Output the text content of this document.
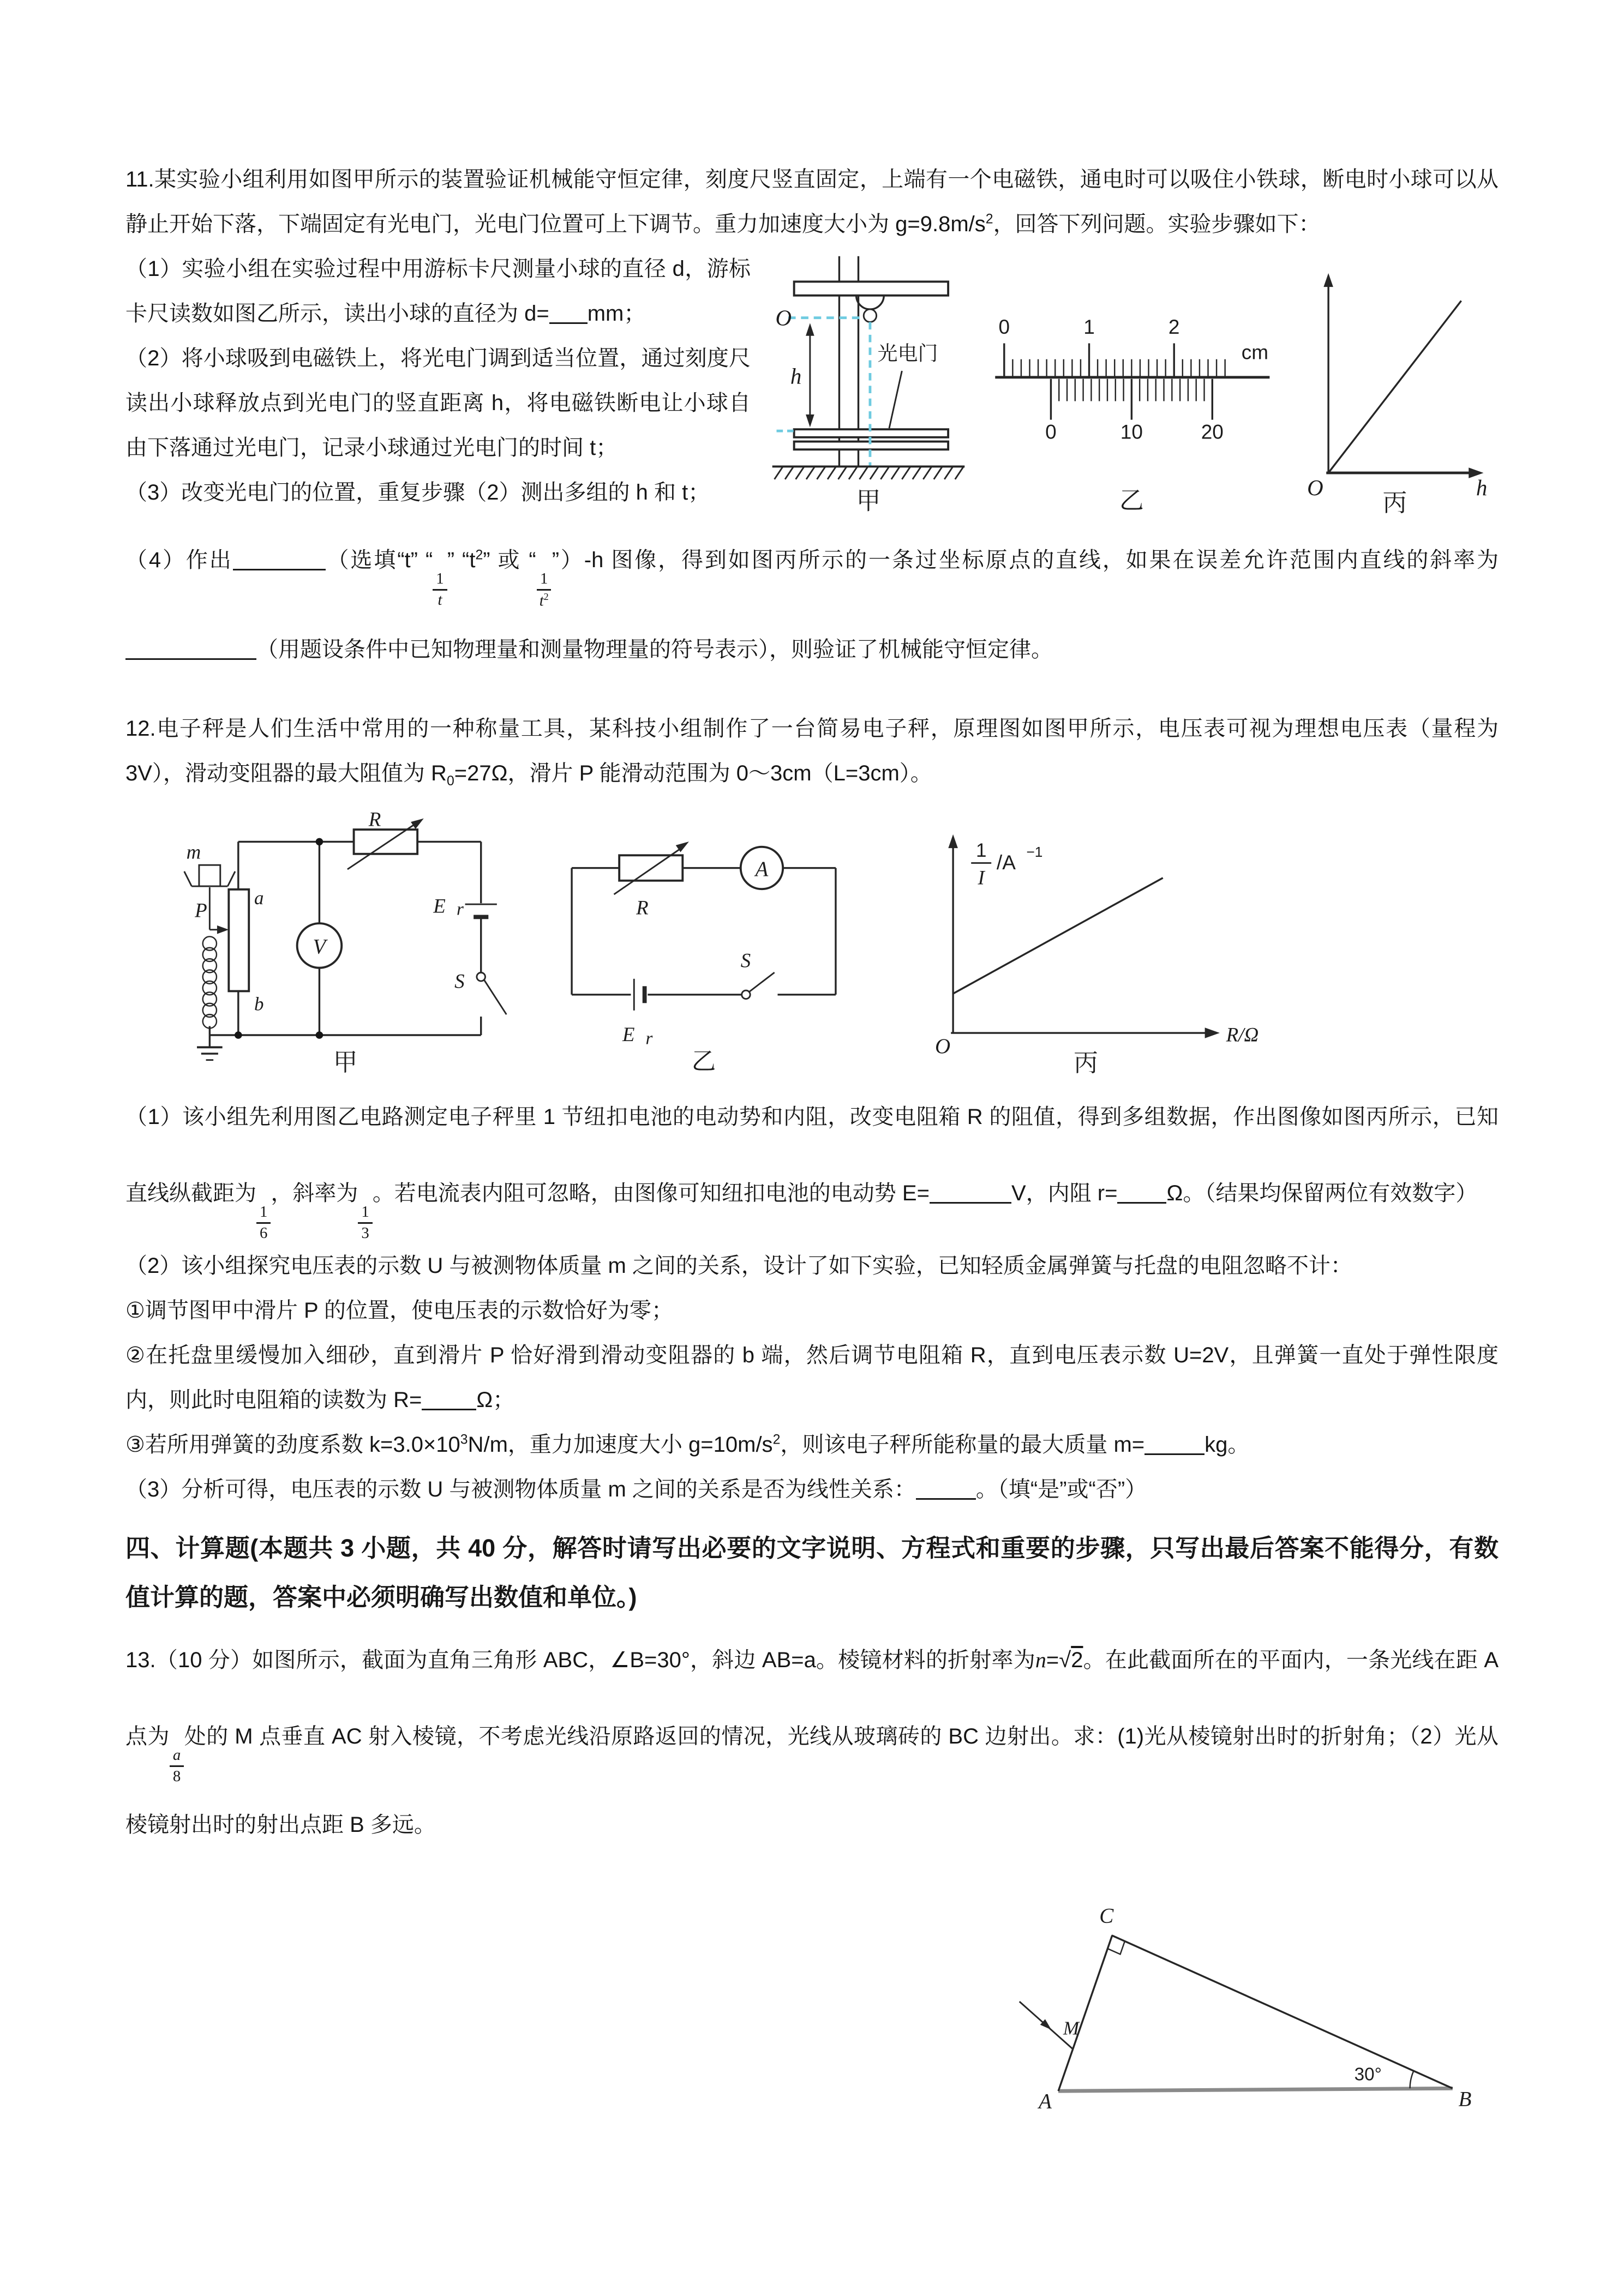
11.某实验小组利用如图甲所示的装置验证机械能守恒定律，刻度尺竖直固定，上端有一个电磁铁，通电时可以吸住小铁球，断电时小球可以从静止开始下落，下端固定有光电门，光电门位置可上下调节。重力加速度大小为 $g=9.8m/s^2$，回答下列问题。实验步骤如下：

O
h
光电门
甲
0	1	2
cm
0	10	20
乙	O	h
丙

（1）实验小组在实验过程中用游标卡尺测量小球的直径 d，游标卡尺读数如图乙所示，读出小球的直径为 d= mm；

（2）将小球吸到电磁铁上，将光电门调到适当位置，通过刻度尺读出小球释放点到光电门的竖直距离 h，将电磁铁断电让小球自由下落通过光电门，记录小球通过光电门的时间 t；

（3）改变光电门的位置，重复步骤（2）测出多组的 h 和 t；

（4）作出	（选填“t” “
$\frac{1}{t}$
” “$t^2$” 或 “
$\frac{1}{t^2}$
”）-h 图像，得到如图丙所示的一条过坐标原点的直线，如果在误差允许范围内直线的斜率为（用题设条件中已知物理量和测量物理量的符号表示），则验证了机械能守恒定律。

12.电子秤是人们生活中常用的一种称量工具，某科技小组制作了一台简易电子秤，原理图如图甲所示，电压表可视为理想电压表（量程为 3V），滑动变阻器的最大阻值为 $R_0=27\Omega$，滑片 P 能滑动范围为 0～3cm（L=3cm）。

m
P
a
b
V
R
E r
S
甲
R
A
E r
S
乙
1
I
/A −1
R/Ω
O
丙

（1）该小组先利用图乙电路测定电子秤里 1 节纽扣电池的电动势和内阻，改变电阻箱 R 的阻值，得到多组数据，作出图像如图丙所示，已知直线纵截距为
$\frac{1}{6}$
，斜率为
$\frac{1}{3}$
。若电流表内阻可忽略，由图像可知纽扣电池的电动势 E=	V，内阻 r= Ω。（结果均保留两位有效数字）

（2）该小组探究电压表的示数 U 与被测物体质量 m 之间的关系，设计了如下实验，已知轻质金属弹簧与托盘的电阻忽略不计：

①调节图甲中滑片 P 的位置，使电压表的示数恰好为零；

②在托盘里缓慢加入细砂，直到滑片 P 恰好滑到滑动变阻器的 b 端，然后调节电阻箱 R，直到电压表示数 U=2V，且弹簧一直处于弹性限度内，则此时电阻箱的读数为 R=	Ω；

③若所用弹簧的劲度系数 $k=3.0\times 10^3N/m$，重力加速度大小 $g=10m/s^2$，则该电子秤所能称量的最大质量 m=	kg。

（3）分析可得，电压表的示数 U 与被测物体质量 m 之间的关系是否为线性关系：	。（填“是”或“否”）

四、计算题(本题共 3 小题，共 40 分，解答时请写出必要的文字说明、方程式和重要的步骤，只写出最后答案不能得分，有数值计算的题，答案中必须明确写出数值和单位。)

13.（10 分）如图所示，截面为直角三角形 ABC，∠B=30°，斜边 AB=a。棱镜材料的折射率为n=√2。在此截面所在的平面内，一条光线在距 A 点为
$\frac{a}{8}$
处的 M 点垂直 AC 射入棱镜，不考虑光线沿原路返回的情况，光线从玻璃砖的 BC 边射出。求：(1)光从棱镜射出时的折射角；（2）光从棱镜射出时的射出点距 B 多远。

A	B
C
M
30°
